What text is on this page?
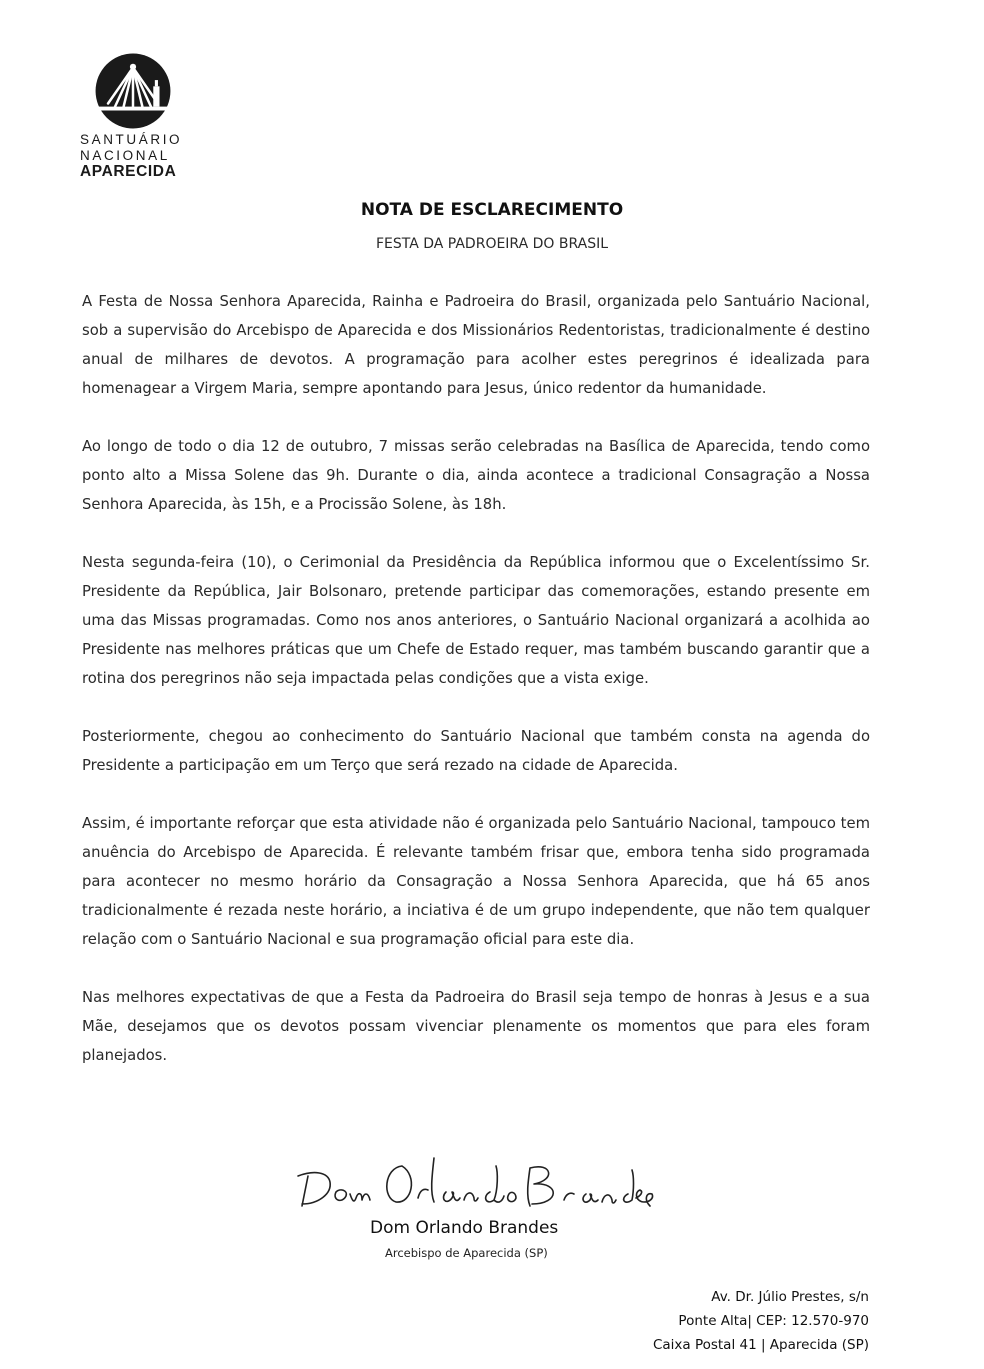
SANTUÁRIO
NACIONAL
APARECIDA
NOTA DE ESCLARECIMENTO
FESTA DA PADROEIRA DO BRASIL

A Festa de Nossa Senhora Aparecida, Rainha e Padroeira do Brasil, organizada pelo Santuário Nacional, sob a supervisão do Arcebispo de Aparecida e dos Missionários Redentoristas, tradicionalmente é destino anual de milhares de devotos. A programação para acolher estes peregrinos é idealizada para homenagear a Virgem Maria, sempre apontando para Jesus, único redentor da humanidade.

Ao longo de todo o dia 12 de outubro, 7 missas serão celebradas na Basílica de Aparecida, tendo como ponto alto a Missa Solene das 9h. Durante o dia, ainda acontece a tradicional Consagração a Nossa Senhora Aparecida, às 15h, e a Procissão Solene, às 18h.

Nesta segunda-feira (10), o Cerimonial da Presidência da República informou que o Excelentíssimo Sr. Presidente da República, Jair Bolsonaro, pretende participar das comemorações, estando presente em uma das Missas programadas. Como nos anos anteriores, o Santuário Nacional organizará a acolhida ao Presidente nas melhores práticas que um Chefe de Estado requer, mas também buscando garantir que a rotina dos peregrinos não seja impactada pelas condições que a vista exige.

Posteriormente, chegou ao conhecimento do Santuário Nacional que também consta na agenda do Presidente a participação em um Terço que será rezado na cidade de Aparecida.

Assim, é importante reforçar que esta atividade não é organizada pelo Santuário Nacional, tampouco tem anuência do Arcebispo de Aparecida. É relevante também frisar que, embora tenha sido programada para acontecer no mesmo horário da Consagração a Nossa Senhora Aparecida, que há 65 anos tradicionalmente é rezada neste horário, a inciativa é de um grupo independente, que não tem qualquer relação com o Santuário Nacional e sua programação oficial para este dia.

Nas melhores expectativas de que a Festa da Padroeira do Brasil seja tempo de honras à Jesus e a sua Mãe, desejamos que os devotos possam vivenciar plenamente os momentos que para eles foram planejados.

Dom Orlando Brandes
Arcebispo de Aparecida (SP)
Av. Dr. Júlio Prestes, s/n
Ponte Alta| CEP: 12.570-970
Caixa Postal 41 | Aparecida (SP)
